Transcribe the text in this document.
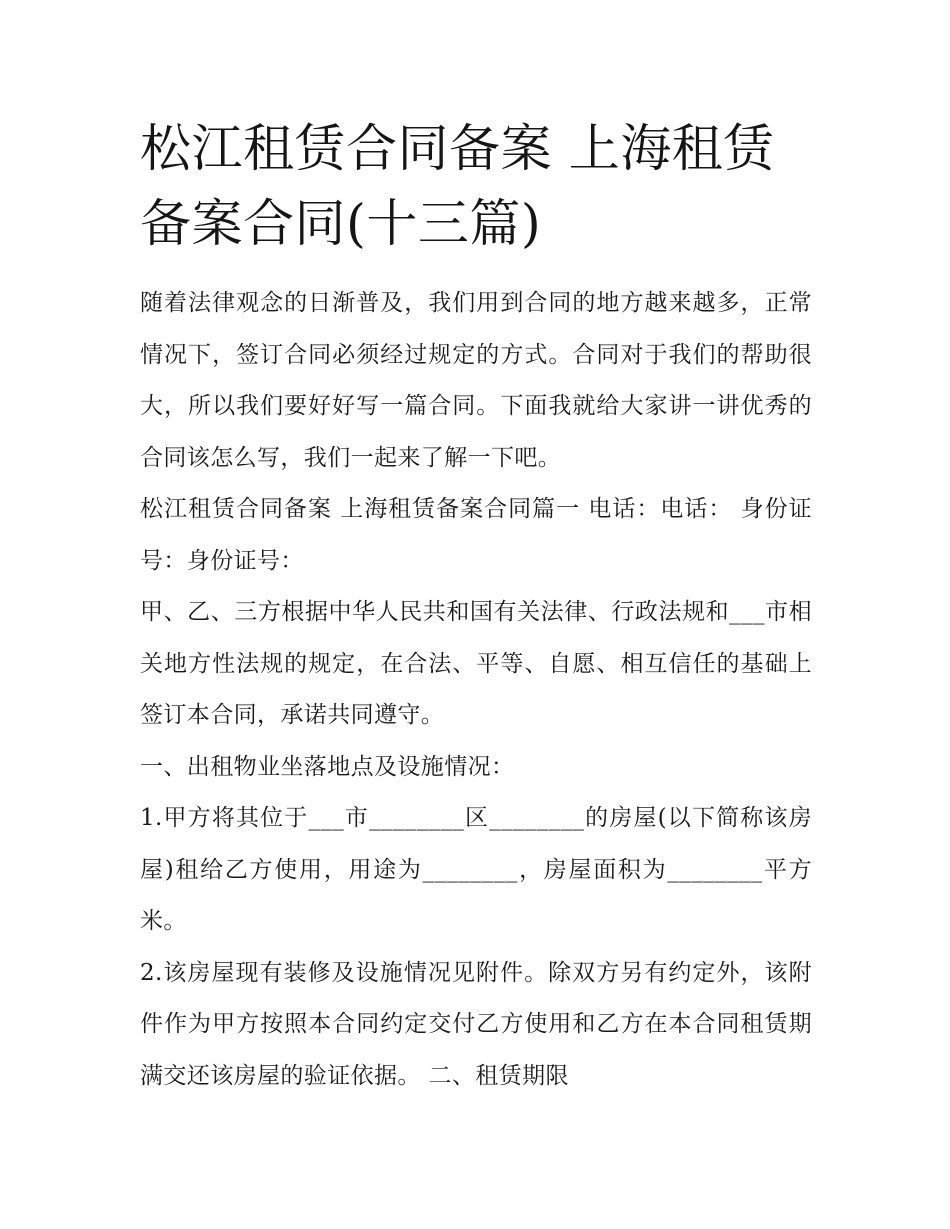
松江租赁合同备案 上海租赁备案合同(十三篇)

随着法律观念的日渐普及，我们用到合同的地方越来越多，正常情况下，签订合同必须经过规定的方式。合同对于我们的帮助很大，所以我们要好好写一篇合同。下面我就给大家讲一讲优秀的合同该怎么写，我们一起来了解一下吧。

松江租赁合同备案 上海租赁备案合同篇一 电话：电话： 身份证号：身份证号：

甲、乙、三方根据中华人民共和国有关法律、行政法规和___市相关地方性法规的规定，在合法、平等、自愿、相互信任的基础上签订本合同，承诺共同遵守。

一、出租物业坐落地点及设施情况：

1.甲方将其位于___市________区________的房屋(以下简称该房屋)租给乙方使用，用途为________，房屋面积为________平方米。

2.该房屋现有装修及设施情况见附件。除双方另有约定外，该附件作为甲方按照本合同约定交付乙方使用和乙方在本合同租赁期满交还该房屋的验证依据。 二、租赁期限
